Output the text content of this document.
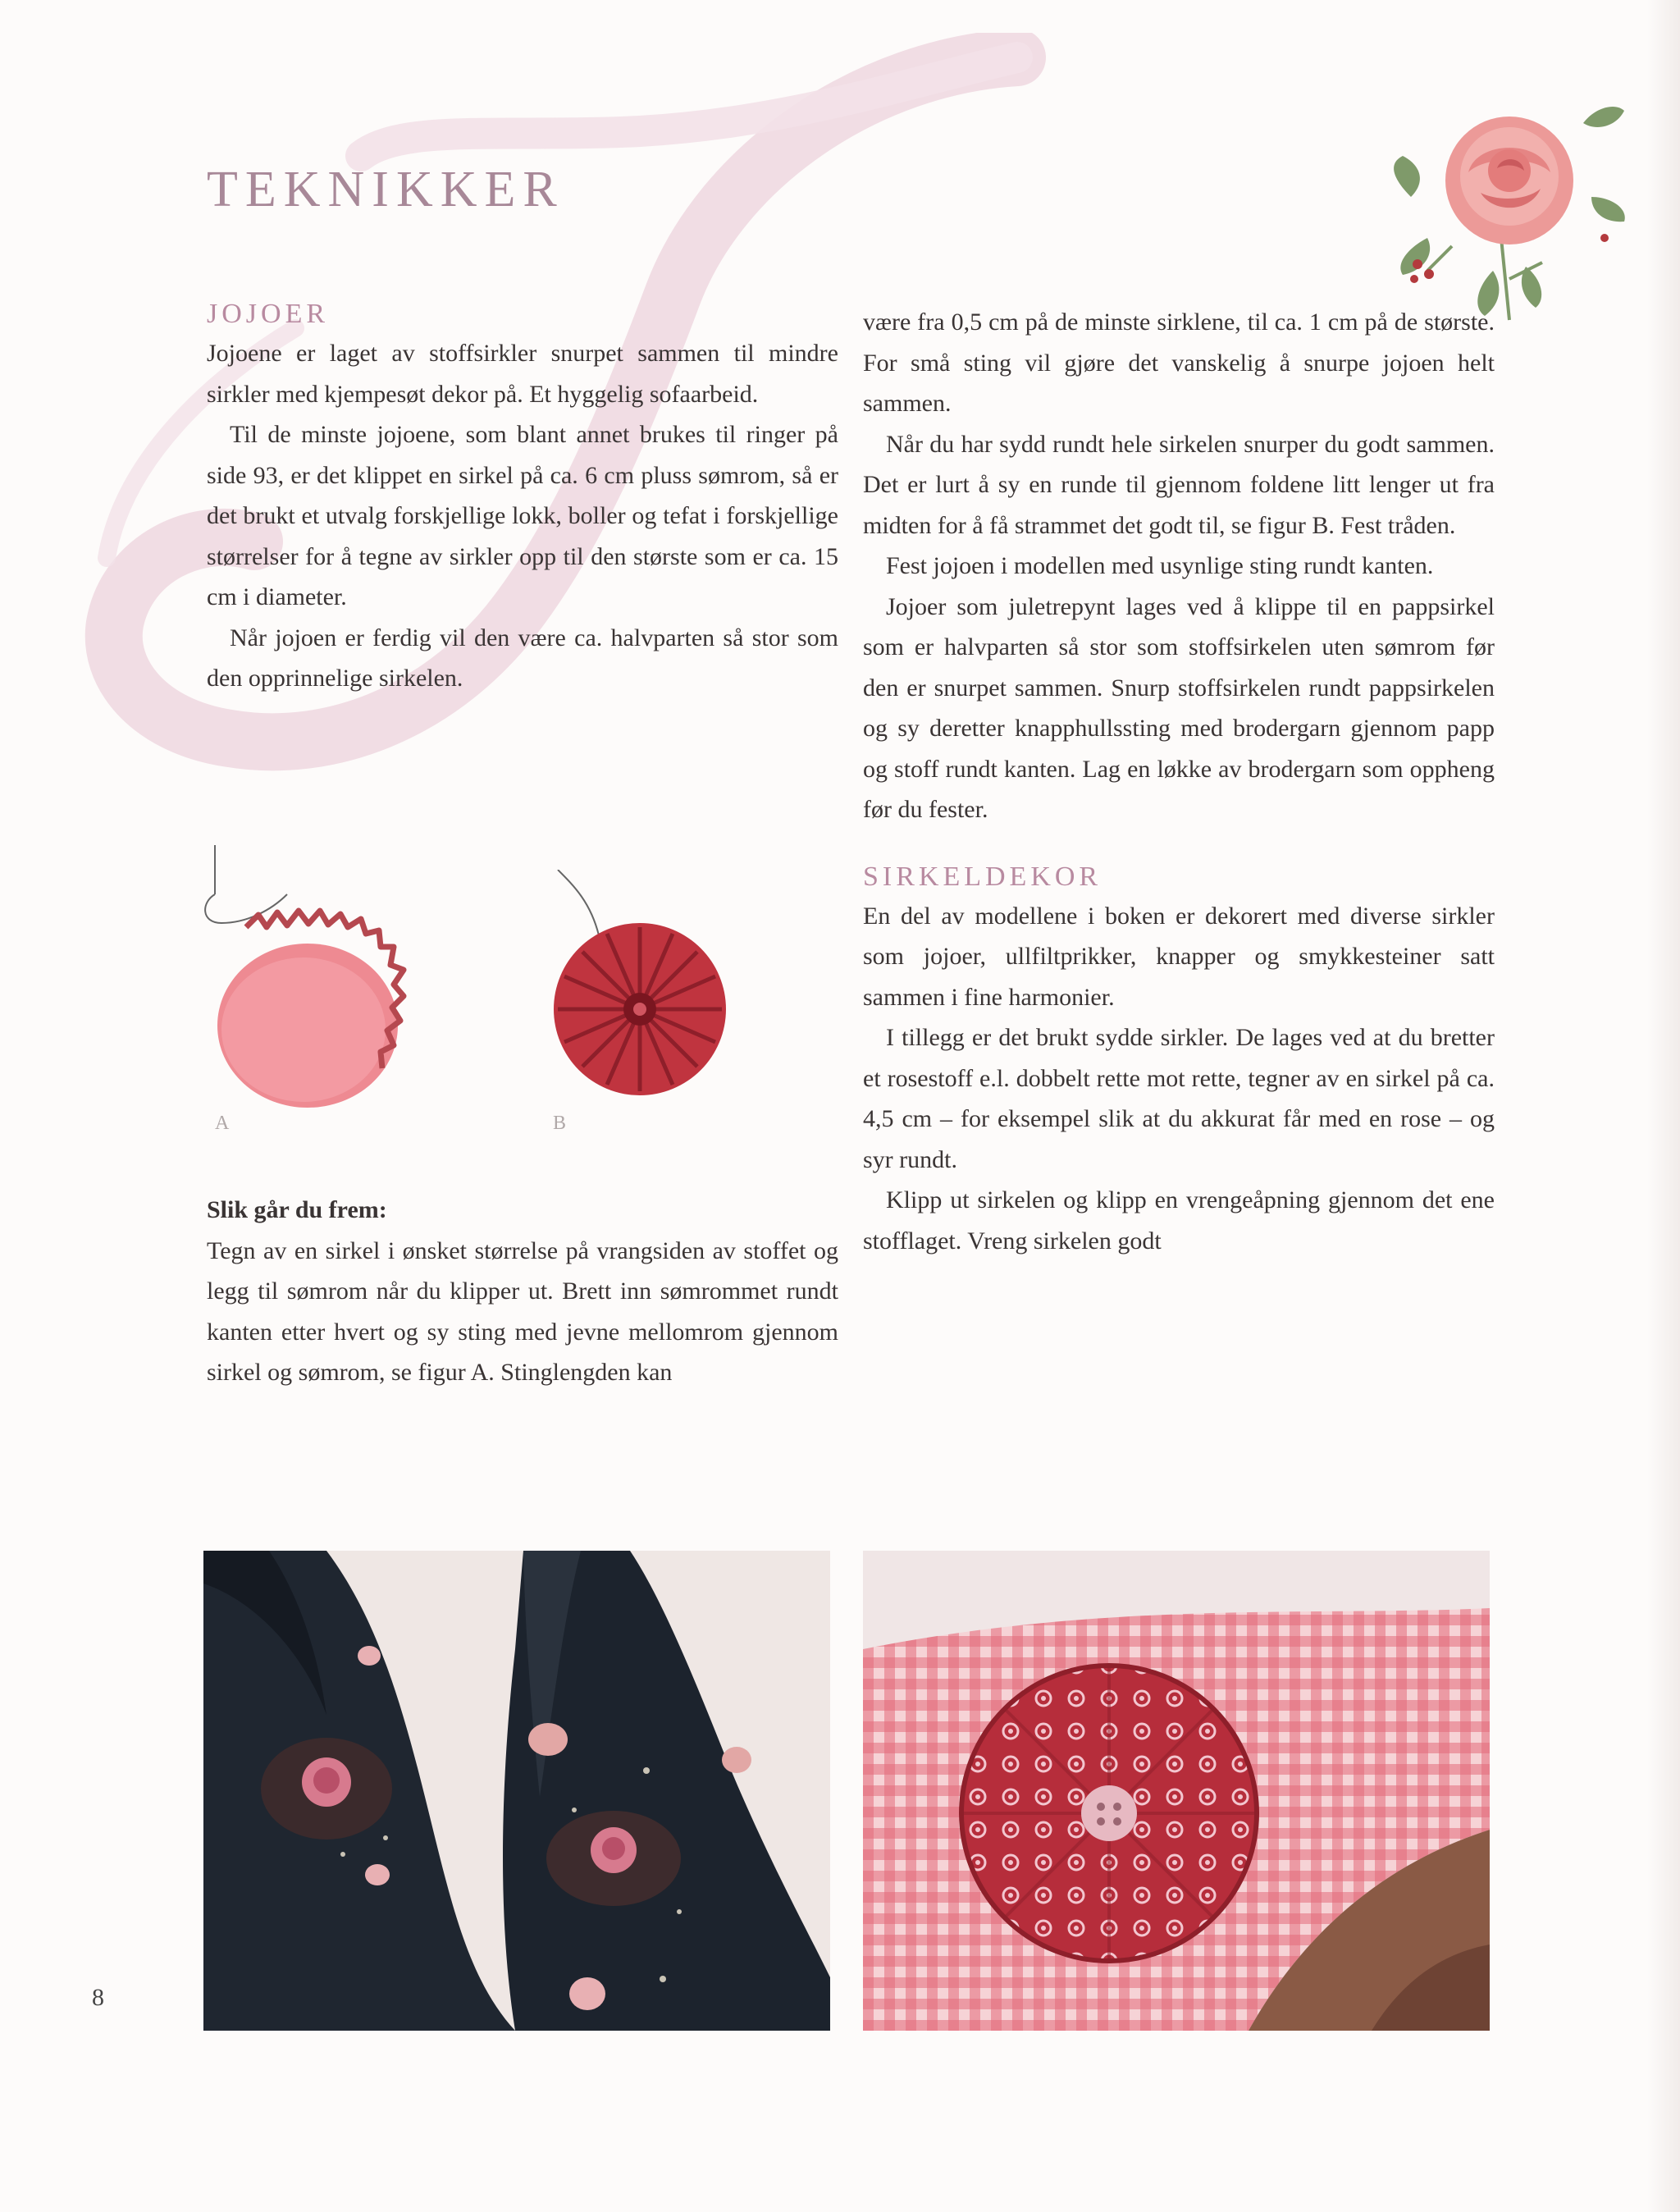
TEKNIKKER
JOJOER

Jojoene er laget av stoffsirkler snurpet sammen til mindre sirkler med kjempesøt dekor på. Et hyggelig sofaarbeid.

Til de minste jojoene, som blant annet brukes til ringer på side 93, er det klippet en sirkel på ca. 6 cm pluss sømrom, så er det brukt et utvalg forskjellige lokk, boller og tefat i forskjellige størrelser for å tegne av sirkler opp til den største som er ca. 15 cm i diameter.

Når jojoen er ferdig vil den være ca. halvparten så stor som den opprinnelige sirkelen.

A	B
Slik går du frem:

Tegn av en sirkel i ønsket størrelse på vrangsiden av stoffet og legg til sømrom når du klipper ut. Brett inn sømrommet rundt kanten etter hvert og sy sting med jevne mellomrom gjennom sirkel og sømrom, se figur A. Stinglengden kan

være fra 0,5 cm på de minste sirklene, til ca. 1 cm på de største. For små sting vil gjøre det vanskelig å snurpe jojoen helt sammen.

Når du har sydd rundt hele sirkelen snurper du godt sammen. Det er lurt å sy en runde til gjennom foldene litt lenger ut fra midten for å få strammet det godt til, se figur B. Fest tråden.

Fest jojoen i modellen med usynlige sting rundt kanten.

Jojoer som juletrepynt lages ved å klippe til en pappsirkel som er halvparten så stor som stoffsirkelen uten sømrom før den er snurpet sammen. Snurp stoffsirkelen rundt pappsirkelen og sy deretter knapphullssting med brodergarn gjennom papp og stoff rundt kanten. Lag en løkke av brodergarn som oppheng før du fester.

SIRKELDEKOR

En del av modellene i boken er dekorert med diverse sirkler som jojoer, ullfiltprikker, knapper og smykkesteiner satt sammen i fine harmonier.

I tillegg er det brukt sydde sirkler. De lages ved at du bretter et rosestoff e.l. dobbelt rette mot rette, tegner av en sirkel på ca. 4,5 cm – for eksempel slik at du akkurat får med en rose – og syr rundt.

Klipp ut sirkelen og klipp en vrengeåpning gjennom det ene stofflaget. Vreng sirkelen godt

8
